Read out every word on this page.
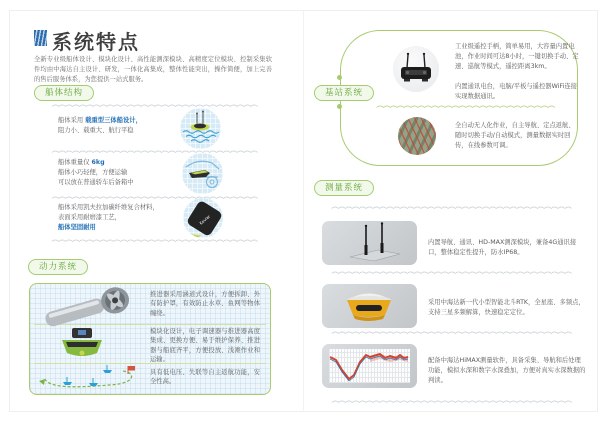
系统特点
全新专业级船体设计、模块化设计、高性能测深模块、高精度定位模块、控制采集软件均由中海达自主设计、研发，一体化高集成，整体性能突出，操作简便，加上完善的售后服务体系，为您提供一站式服务。
船体结构
船体采用 载重型三体船设计，
阻力小、载重大、航行平稳
船体重量仅 6kg
船体小巧轻便，方便运输
可以放在普通轿车后备箱中
船体采用凯夫拉加碳纤维复合材料，
表面采用耐磨漆工艺，
船体坚固耐用
Kevlar
动力系统
推进器采用涵道式设计，方便拆卸、外有防护罩，有效防止水草、鱼网等物体缠绕。
模块化设计，电子调速器与推进器高度集成、更换方便、易于维护保养、推进器与船底齐平，方便投放、浅滩作业和运输。
具有低电压、失联等自主返航功能，安全性高。
基站系统
工业级遥控手柄，简单易用，大容量内置电池，作业时间可达8小时，一键切换手动、定速、巡航等模式，遥控距离3km。

内置通讯电台，电脑/平板与遥控器WiFi连接实现数据通讯。
全自动无人化作业，自主导航、定点返航、随时切换手动/自动模式，测量数据实时回传，在线参数可调。
测量系统
内置导航、通讯、HD-MAX测深模块，兼备4G通讯接口，整体稳定性提升，防水IP68。
采用中海达新一代小型智能北斗RTK，全星座、多频点，支持三星多频解算，快速稳定定位。
配备中海达HiMAX测量软件，具备采集、导航和后处理功能，模拟水深和数字水深叠加，方便对真实水深数据的判读。
